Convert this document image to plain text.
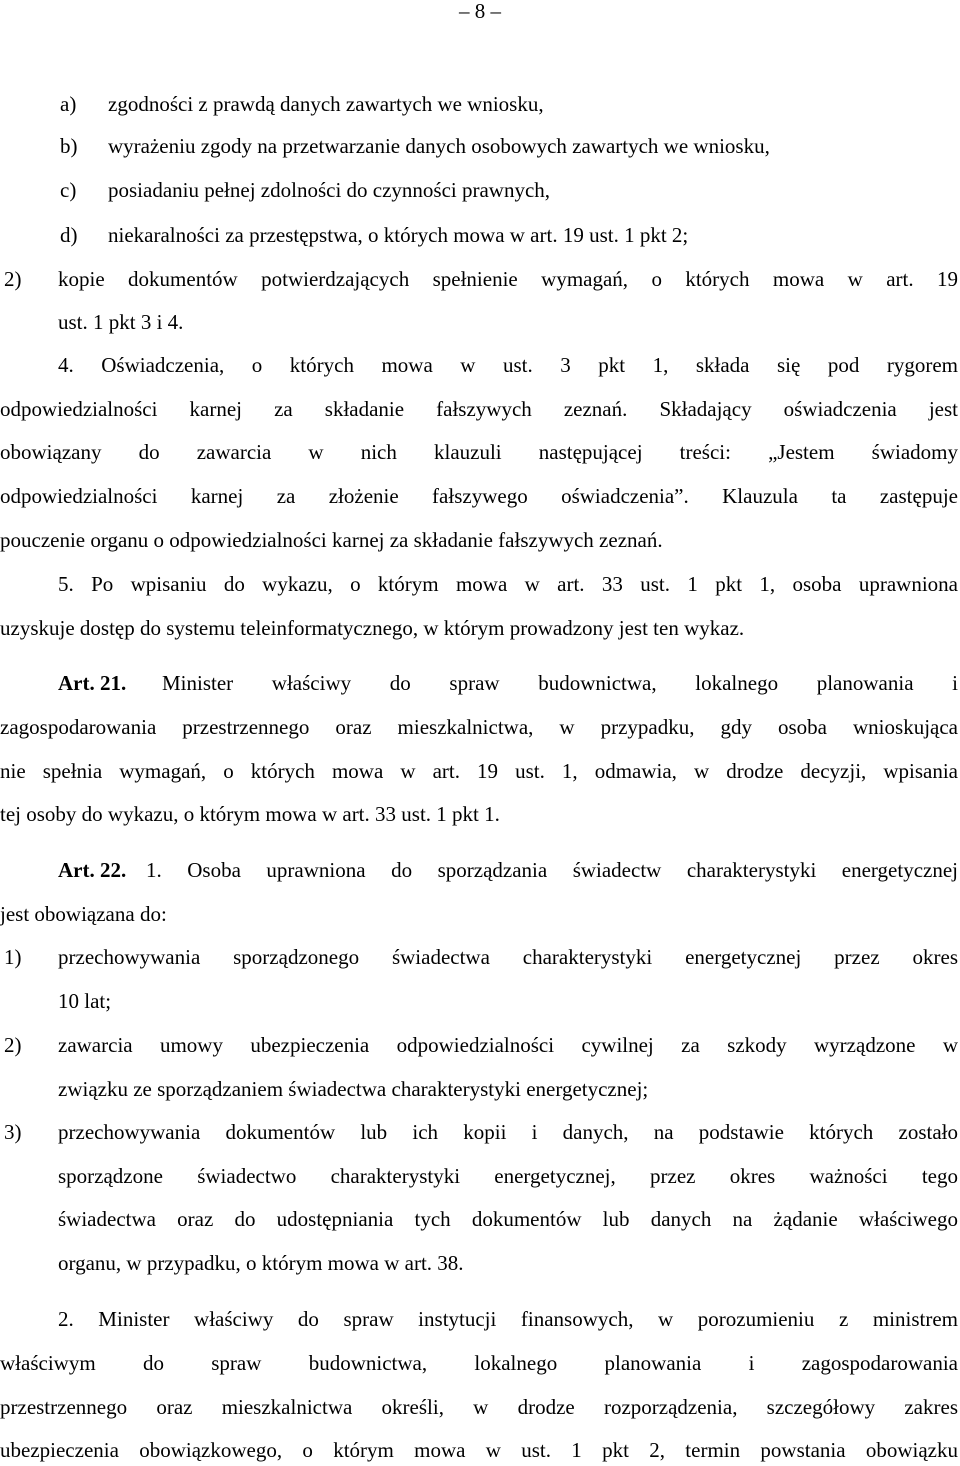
– 8 –
a) zgodności z prawdą danych zawartych we wniosku,
b) wyrażeniu zgody na przetwarzanie danych osobowych zawartych we wniosku,
c) posiadaniu pełnej zdolności do czynności prawnych,
d) niekaralności za przestępstwa, o których mowa w art. 19 ust. 1 pkt 2;
2) kopie dokumentów potwierdzających spełnienie wymagań, o których mowa w art. 19
ust. 1 pkt 3 i 4.
4. Oświadczenia, o których mowa w ust. 3 pkt 1, składa się pod rygorem
odpowiedzialności karnej za składanie fałszywych zeznań. Składający oświadczenia jest
obowiązany do zawarcia w nich klauzuli następującej treści: „Jestem świadomy
odpowiedzialności karnej za złożenie fałszywego oświadczenia”. Klauzula ta zastępuje
pouczenie organu o odpowiedzialności karnej za składanie fałszywych zeznań.
5. Po wpisaniu do wykazu, o którym mowa w art. 33 ust. 1 pkt 1, osoba uprawniona
uzyskuje dostęp do systemu teleinformatycznego, w którym prowadzony jest ten wykaz.
Art. 21. Minister właściwy do spraw budownictwa, lokalnego planowania i
zagospodarowania przestrzennego oraz mieszkalnictwa, w przypadku, gdy osoba wnioskująca
nie spełnia wymagań, o których mowa w art. 19 ust. 1, odmawia, w drodze decyzji, wpisania
tej osoby do wykazu, o którym mowa w art. 33 ust. 1 pkt 1.
Art. 22. 1. Osoba uprawniona do sporządzania świadectw charakterystyki energetycznej
jest obowiązana do:
1) przechowywania sporządzonego świadectwa charakterystyki energetycznej przez okres
10 lat;
2) zawarcia umowy ubezpieczenia odpowiedzialności cywilnej za szkody wyrządzone w
związku ze sporządzaniem świadectwa charakterystyki energetycznej;
3) przechowywania dokumentów lub ich kopii i danych, na podstawie których zostało
sporządzone świadectwo charakterystyki energetycznej, przez okres ważności tego
świadectwa oraz do udostępniania tych dokumentów lub danych na żądanie właściwego
organu, w przypadku, o którym mowa w art. 38.
2. Minister właściwy do spraw instytucji finansowych, w porozumieniu z ministrem
właściwym do spraw budownictwa, lokalnego planowania i zagospodarowania
przestrzennego oraz mieszkalnictwa określi, w drodze rozporządzenia, szczegółowy zakres
ubezpieczenia obowiązkowego, o którym mowa w ust. 1 pkt 2, termin powstania obowiązku
